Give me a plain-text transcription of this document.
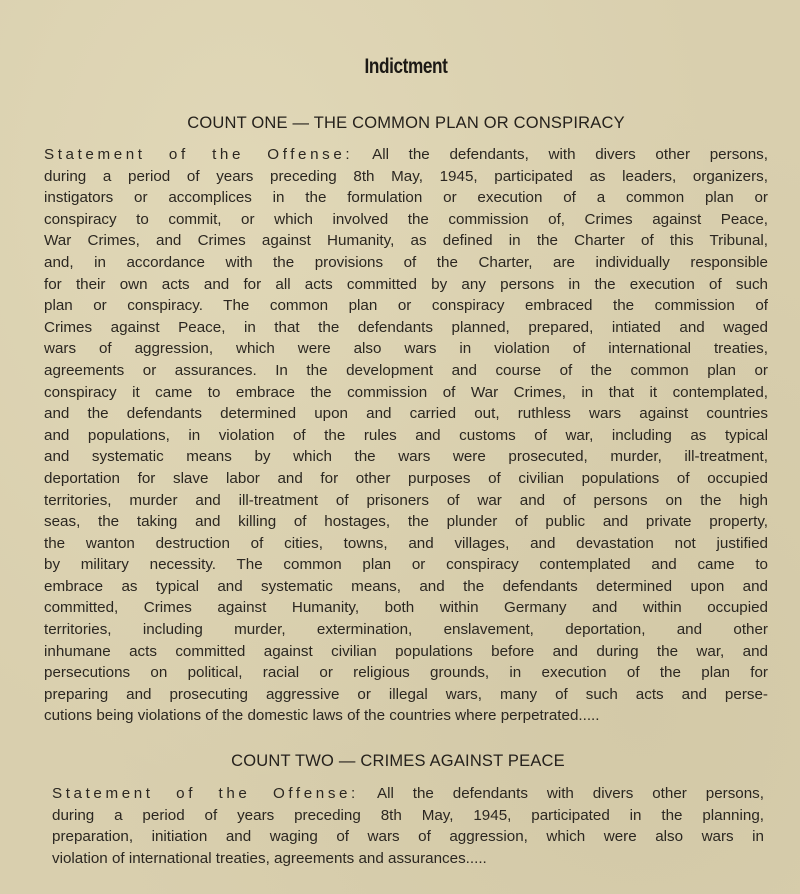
Indictment
COUNT ONE — THE COMMON PLAN OR CONSPIRACY
Statement of the Offense: All the defendants, with divers other persons,
during a period of years preceding 8th May, 1945, participated as leaders, organizers,
instigators or accomplices in the formulation or execution of a common plan or
conspiracy to commit, or which involved the commission of, Crimes against Peace,
War Crimes, and Crimes against Humanity, as defined in the Charter of this Tribunal,
and, in accordance with the provisions of the Charter, are individually responsible
for their own acts and for all acts committed by any persons in the execution of such
plan or conspiracy. The common plan or conspiracy embraced the commission of
Crimes against Peace, in that the defendants planned, prepared, intiated and waged
wars of aggression, which were also wars in violation of international treaties,
agreements or assurances. In the development and course of the common plan or
conspiracy it came to embrace the commission of War Crimes, in that it contemplated,
and the defendants determined upon and carried out, ruthless wars against countries
and populations, in violation of the rules and customs of war, including as typical
and systematic means by which the wars were prosecuted, murder, ill-treatment,
deportation for slave labor and for other purposes of civilian populations of occupied
territories, murder and ill-treatment of prisoners of war and of persons on the high
seas, the taking and killing of hostages, the plunder of public and private property,
the wanton destruction of cities, towns, and villages, and devastation not justified
by military necessity. The common plan or conspiracy contemplated and came to
embrace as typical and systematic means, and the defendants determined upon and
committed, Crimes against Humanity, both within Germany and within occupied
territories, including murder, extermination, enslavement, deportation, and other
inhumane acts committed against civilian populations before and during the war, and
persecutions on political, racial or religious grounds, in execution of the plan for
preparing and prosecuting aggressive or illegal wars, many of such acts and perse-
cutions being violations of the domestic laws of the countries where perpetrated.....
COUNT TWO — CRIMES AGAINST PEACE
Statement of the Offense: All the defendants with divers other persons,
during a period of years preceding 8th May, 1945, participated in the planning,
preparation, initiation and waging of wars of aggression, which were also wars in
violation of international treaties, agreements and assurances.....
